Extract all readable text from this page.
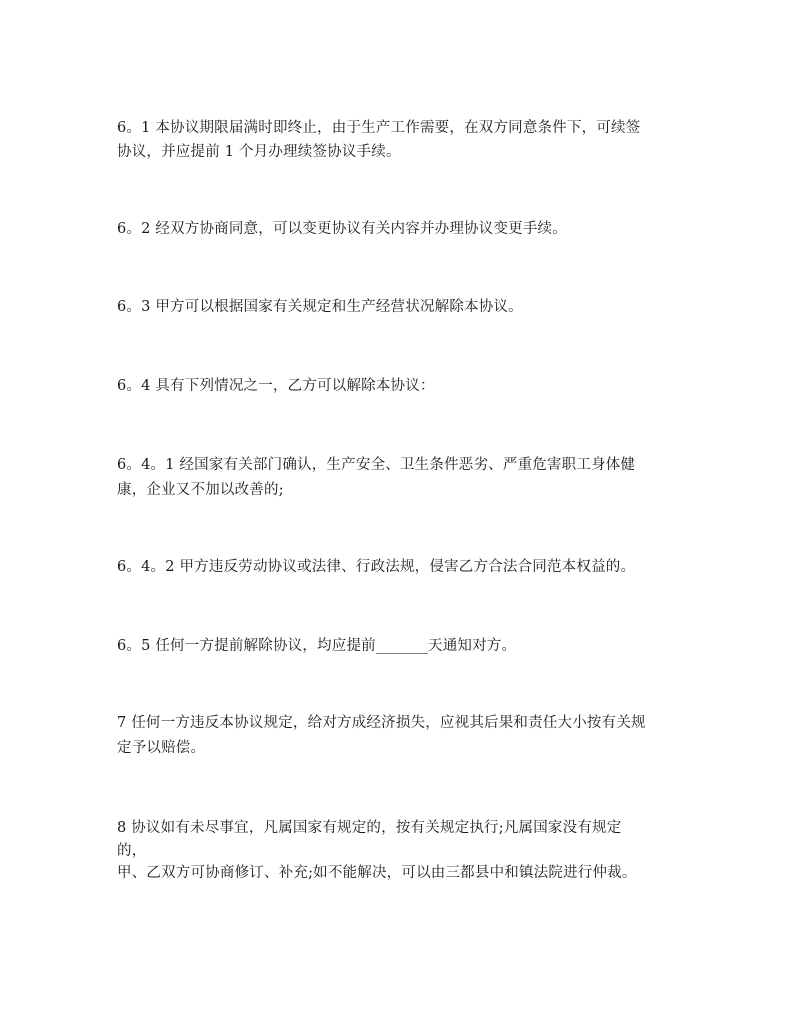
6。1 本协议期限届满时即终止，由于生产工作需要，在双方同意条件下，可续签
协议，并应提前 1 个月办理续签协议手续。
6。2 经双方协商同意，可以变更协议有关内容并办理协议变更手续。
6。3 甲方可以根据国家有关规定和生产经营状况解除本协议。
6。4 具有下列情况之一，乙方可以解除本协议：
6。4。1 经国家有关部门确认，生产安全、卫生条件恶劣、严重危害职工身体健
康，企业又不加以改善的;
6。4。2 甲方违反劳动协议或法律、行政法规，侵害乙方合法合同范本权益的。
6。5 任何一方提前解除协议，均应提前_______天通知对方。
7 任何一方违反本协议规定，给对方成经济损失，应视其后果和责任大小按有关规
定予以赔偿。
8 协议如有未尽事宜，凡属国家有规定的，按有关规定执行;凡属国家没有规定
的，
甲、乙双方可协商修订、补充;如不能解决，可以由三都县中和镇法院进行仲裁。
